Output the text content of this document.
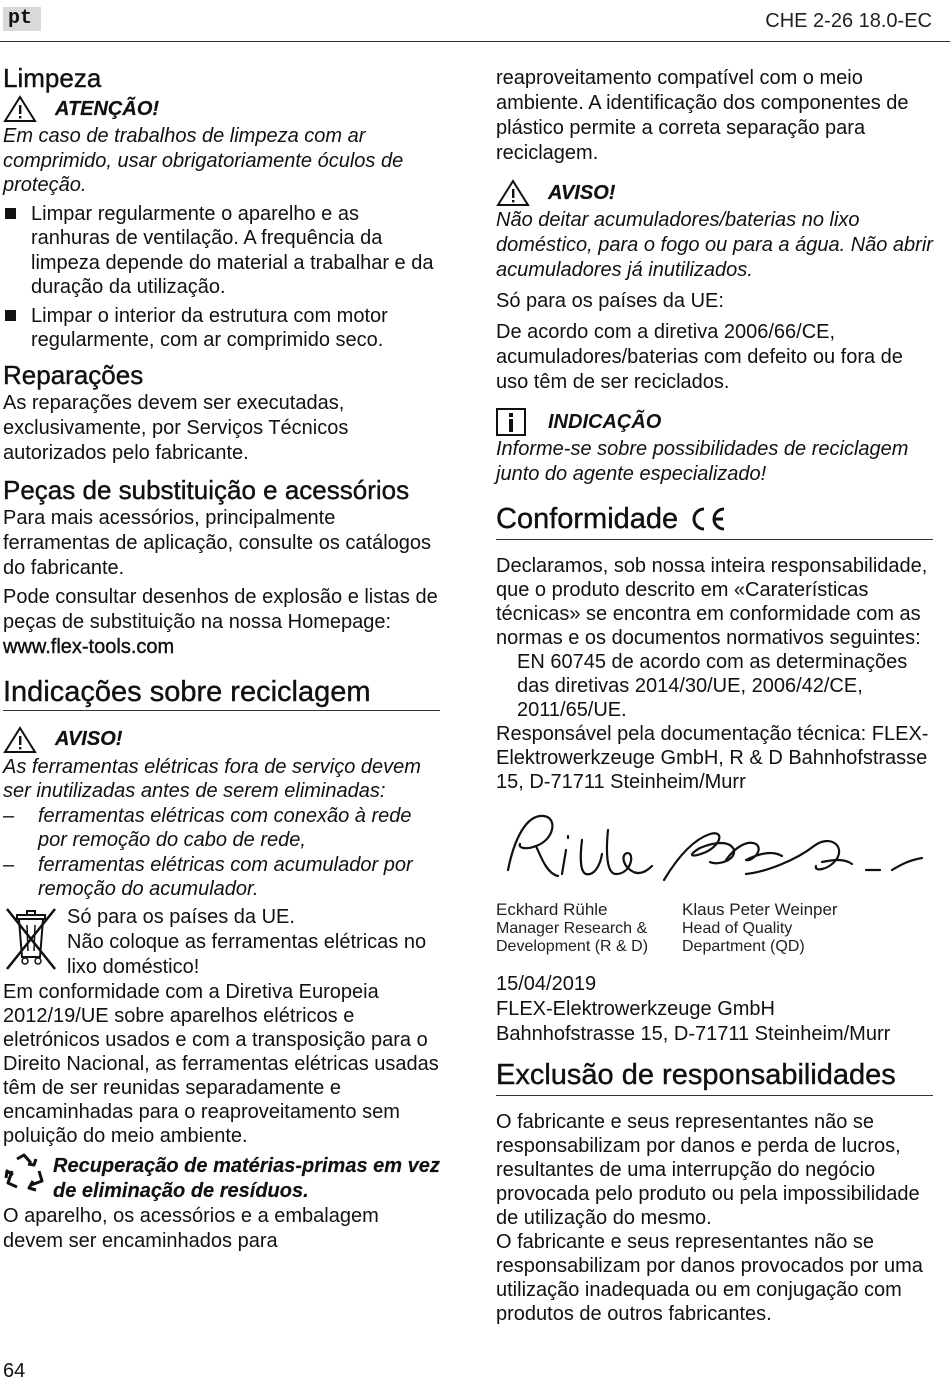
pt	CHE 2-26 18.0-EC
Limpeza
ATENÇÃO!

Em caso de trabalhos de limpeza com ar comprimido, usar obrigatoriamente óculos de proteção.

Limpar regularmente o aparelho e as ranhuras de ventilação. A frequência da limpeza depende do material a trabalhar e da duração da utilização.
Limpar o interior da estrutura com motor regularmente, com ar comprimido seco.
Reparações

As reparações devem ser executadas, exclusivamente, por Serviços Técnicos autorizados pelo fabricante.

Peças de substituição e acessórios

Para mais acessórios, principalmente ferramentas de aplicação, consulte os catálogos do fabricante.

Pode consultar desenhos de explosão e listas de peças de substituição na nossa Homepage: www.flex-tools.com

Indicações sobre reciclagem
AVISO!

As ferramentas elétricas fora de serviço devem ser inutilizadas antes de serem eliminadas:

– ferramentas elétricas com conexão à rede por remoção do cabo de rede,
– ferramentas elétricas com acumulador por remoção do acumulador.

Só para os países da UE.

Não coloque as ferramentas elétricas no lixo doméstico!

Em conformidade com a Diretiva Europeia 2012/19/UE sobre aparelhos elétricos e eletrónicos usados e com a transposição para o Direito Nacional, as ferramentas elétricas usadas têm de ser reunidas separadamente e encaminhadas para o reaproveitamento sem poluição do meio ambiente.

Recuperação de matérias-primas em vez de eliminação de resíduos.

O aparelho, os acessórios e a embalagem devem ser encaminhados para

reaproveitamento compatível com o meio ambiente. A identificação dos componentes de plástico permite a correta separação para reciclagem.

AVISO!

Não deitar acumuladores/baterias no lixo doméstico, para o fogo ou para a água. Não abrir acumuladores já inutilizados.

Só para os países da UE:

De acordo com a diretiva 2006/66/CE, acumuladores/baterias com defeito ou fora de uso têm de ser reciclados.

INDICAÇÃO

Informe-se sobre possibilidades de reciclagem junto do agente especializado!

Conformidade

Declaramos, sob nossa inteira responsabilidade, que o produto descrito em «Caraterísticas técnicas» se encontra em conformidade com as normas e os documentos normativos seguintes:

EN 60745 de acordo com as determinações das diretivas 2014/30/UE, 2006/42/CE, 2011/65/UE.

Responsável pela documentação técnica: FLEX-Elektrowerkzeuge GmbH, R & D Bahnhofstrasse 15, D-71711 Steinheim/Murr

Eckhard Rühle
Manager Research &
Development (R & D)
Klaus Peter Weinper
Head of Quality
Department (QD)

15/04/2019

FLEX-Elektrowerkzeuge GmbH

Bahnhofstrasse 15, D-71711 Steinheim/Murr

Exclusão de responsabilidades

O fabricante e seus representantes não se responsabilizam por danos e perda de lucros, resultantes de uma interrupção do negócio provocada pelo produto ou pela impossibilidade de utilização do mesmo.

O fabricante e seus representantes não se responsabilizam por danos provocados por uma utilização inadequada ou em conjugação com produtos de outros fabricantes.

64
